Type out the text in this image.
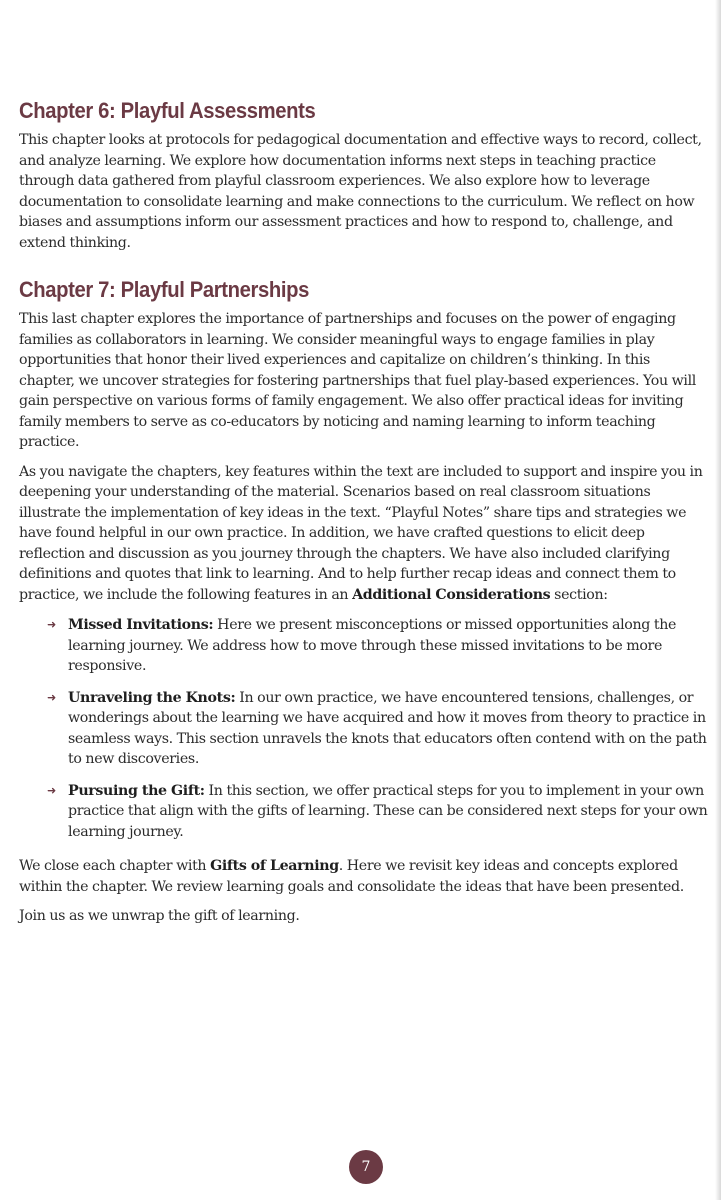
Chapter 6: Playful Assessments

This chapter looks at protocols for pedagogical documentation and effective ways to record, collect, and analyze learning. We explore how documentation informs next steps in teaching practice through data gathered from playful classroom experiences. We also explore how to leverage documentation to consolidate learning and make connections to the curriculum. We reflect on how biases and assumptions inform our assessment practices and how to respond to, challenge, and extend thinking.

Chapter 7: Playful Partnerships

This last chapter explores the importance of partnerships and focuses on the power of engaging families as collaborators in learning. We consider meaningful ways to engage families in play opportunities that honor their lived experiences and capitalize on children’s thinking. In this chapter, we uncover strategies for fostering partnerships that fuel play-based experiences. You will gain perspective on various forms of family engagement. We also offer practical ideas for inviting family members to serve as co-educators by noticing and naming learning to inform teaching practice.

As you navigate the chapters, key features within the text are included to support and inspire you in deepening your understanding of the material. Scenarios based on real classroom situations illustrate the implementation of key ideas in the text. “Playful Notes” share tips and strategies we have found helpful in our own practice. In addition, we have crafted questions to elicit deep reflection and discussion as you journey through the chapters. We have also included clarifying definitions and quotes that link to learning. And to help further recap ideas and connect them to practice, we include the following features in an Additional Considerations section:

➜ Missed Invitations: Here we present misconceptions or missed opportunities along the learning journey. We address how to move through these missed invitations to be more responsive.
➜ Unraveling the Knots: In our own practice, we have encountered tensions, challenges, or wonderings about the learning we have acquired and how it moves from theory to practice in seamless ways. This section unravels the knots that educators often contend with on the path to new discoveries.
➜ Pursuing the Gift: In this section, we offer practical steps for you to implement in your own practice that align with the gifts of learning. These can be considered next steps for your own learning journey.

We close each chapter with Gifts of Learning. Here we revisit key ideas and concepts explored within the chapter. We review learning goals and consolidate the ideas that have been presented.

Join us as we unwrap the gift of learning.

7
